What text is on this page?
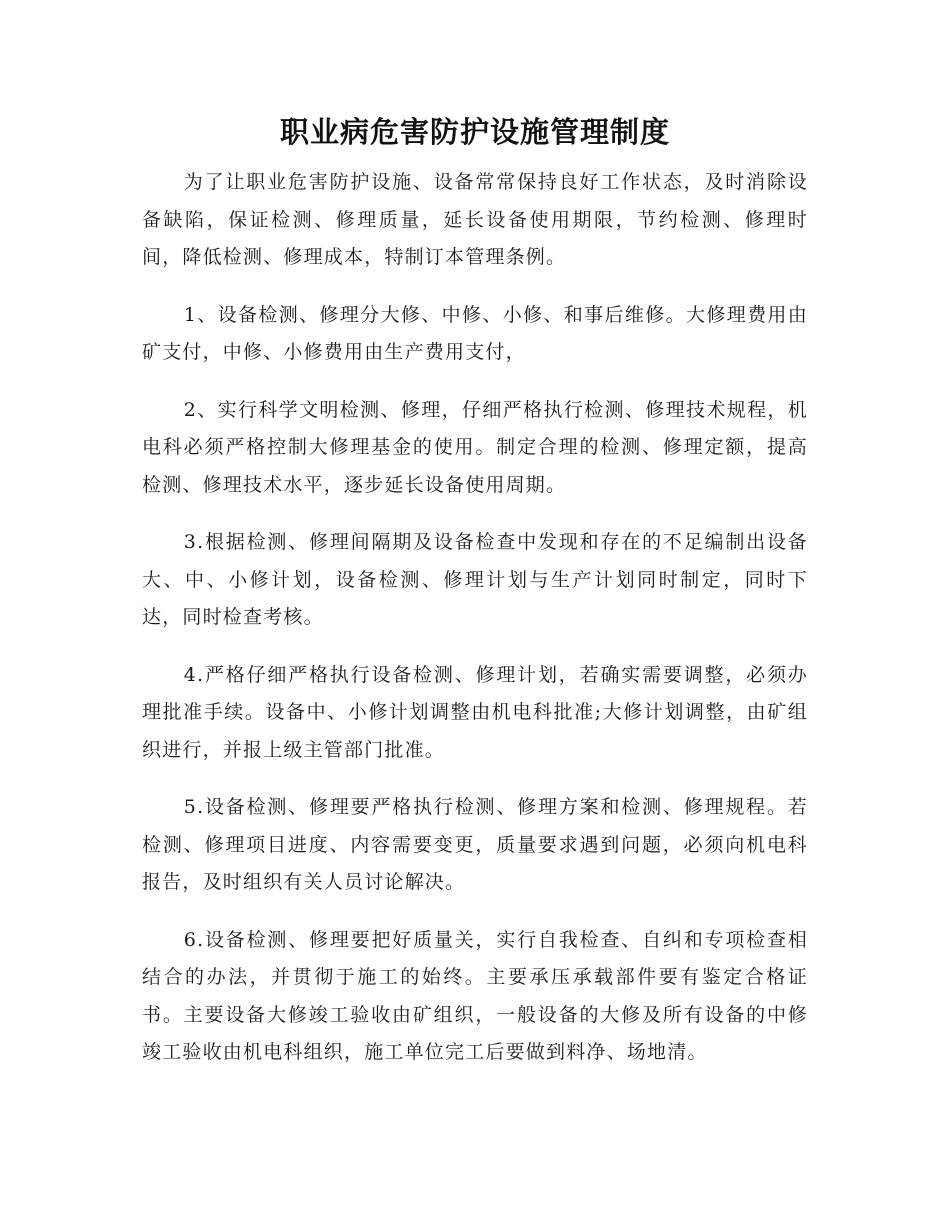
职业病危害防护设施管理制度

为了让职业危害防护设施、设备常常保持良好工作状态，及时消除设备缺陷，保证检测、修理质量，延长设备使用期限，节约检测、修理时间，降低检测、修理成本，特制订本管理条例。

1、设备检测、修理分大修、中修、小修、和事后维修。大修理费用由矿支付，中修、小修费用由生产费用支付，

2、实行科学文明检测、修理，仔细严格执行检测、修理技术规程，机电科必须严格控制大修理基金的使用。制定合理的检测、修理定额，提高检测、修理技术水平，逐步延长设备使用周期。

3.根据检测、修理间隔期及设备检查中发现和存在的不足编制出设备大、中、小修计划，设备检测、修理计划与生产计划同时制定，同时下达，同时检查考核。

4.严格仔细严格执行设备检测、修理计划，若确实需要调整，必须办理批准手续。设备中、小修计划调整由机电科批准;大修计划调整，由矿组织进行，并报上级主管部门批准。

5.设备检测、修理要严格执行检测、修理方案和检测、修理规程。若检测、修理项目进度、内容需要变更，质量要求遇到问题，必须向机电科报告，及时组织有关人员讨论解决。

6.设备检测、修理要把好质量关，实行自我检查、自纠和专项检查相结合的办法，并贯彻于施工的始终。主要承压承载部件要有鉴定合格证书。主要设备大修竣工验收由矿组织，一般设备的大修及所有设备的中修竣工验收由机电科组织，施工单位完工后要做到料净、场地清。
